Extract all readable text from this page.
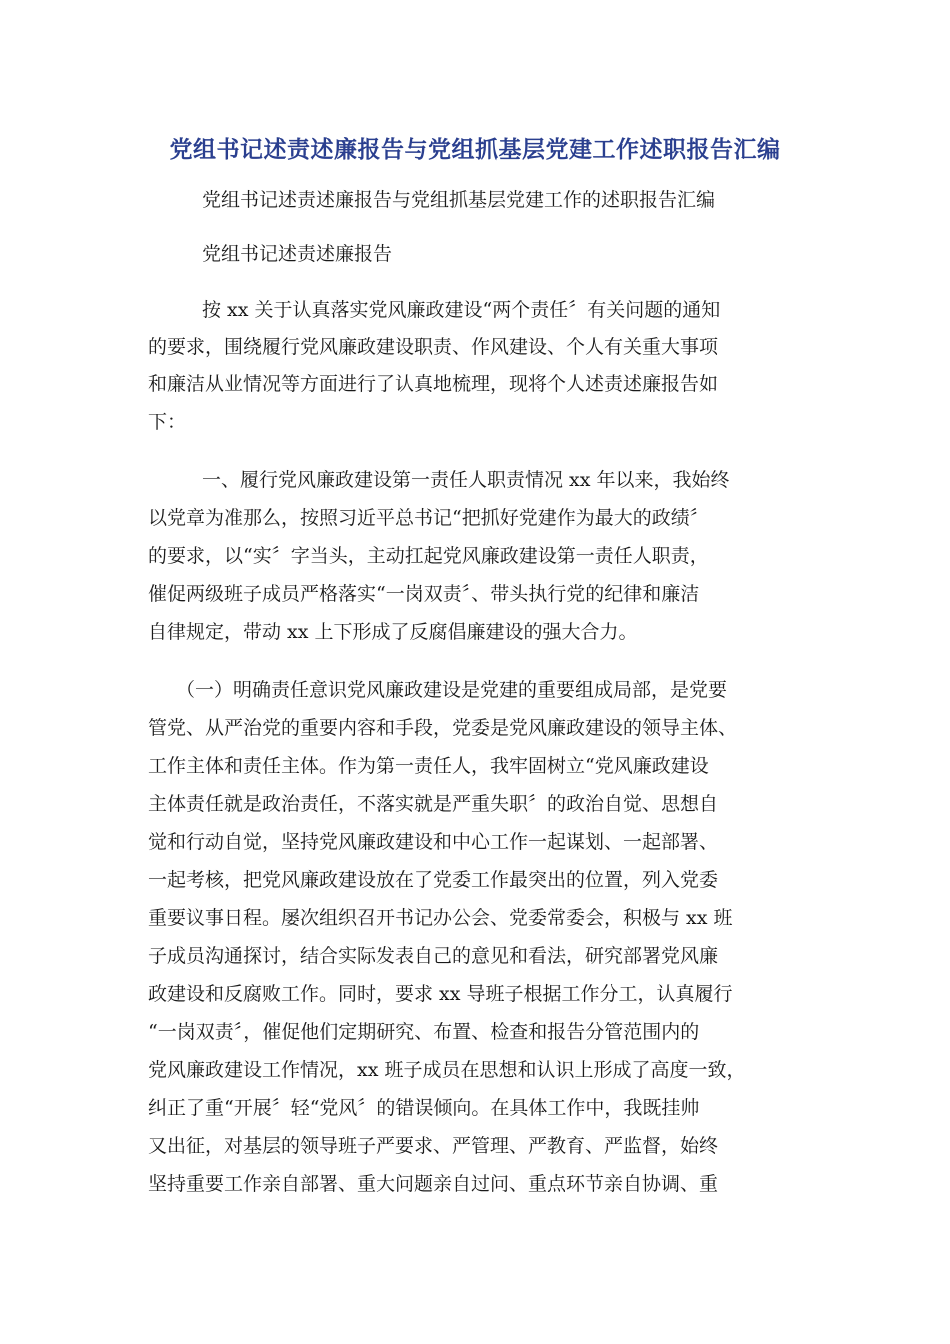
党组书记述责述廉报告与党组抓基层党建工作述职报告汇编
党组书记述责述廉报告与党组抓基层党建工作的述职报告汇编
党组书记述责述廉报告
按 xx 关于认真落实党风廉政建设“两个责任〞有关问题的通知
的要求，围绕履行党风廉政建设职责、作风建设、个人有关重大事项
和廉洁从业情况等方面进行了认真地梳理，现将个人述责述廉报告如
下：
一、履行党风廉政建设第一责任人职责情况 xx 年以来，我始终
以党章为准那么，按照习近平总书记“把抓好党建作为最大的政绩〞
的要求，以“实〞字当头，主动扛起党风廉政建设第一责任人职责，
催促两级班子成员严格落实“一岗双责〞、带头执行党的纪律和廉洁
自律规定，带动 xx 上下形成了反腐倡廉建设的强大合力。
（一）明确责任意识党风廉政建设是党建的重要组成局部，是党要
管党、从严治党的重要内容和手段，党委是党风廉政建设的领导主体、
工作主体和责任主体。作为第一责任人，我牢固树立“党风廉政建设
主体责任就是政治责任，不落实就是严重失职〞的政治自觉、思想自
觉和行动自觉，坚持党风廉政建设和中心工作一起谋划、一起部署、
一起考核，把党风廉政建设放在了党委工作最突出的位置，列入党委
重要议事日程。屡次组织召开书记办公会、党委常委会，积极与 xx 班
子成员沟通探讨，结合实际发表自己的意见和看法，研究部署党风廉
政建设和反腐败工作。同时，要求 xx 导班子根据工作分工，认真履行
“一岗双责〞，催促他们定期研究、布置、检查和报告分管范围内的
党风廉政建设工作情况，xx 班子成员在思想和认识上形成了高度一致，
纠正了重“开展〞轻“党风〞的错误倾向。在具体工作中，我既挂帅
又出征，对基层的领导班子严要求、严管理、严教育、严监督，始终
坚持重要工作亲自部署、重大问题亲自过问、重点环节亲自协调、重
